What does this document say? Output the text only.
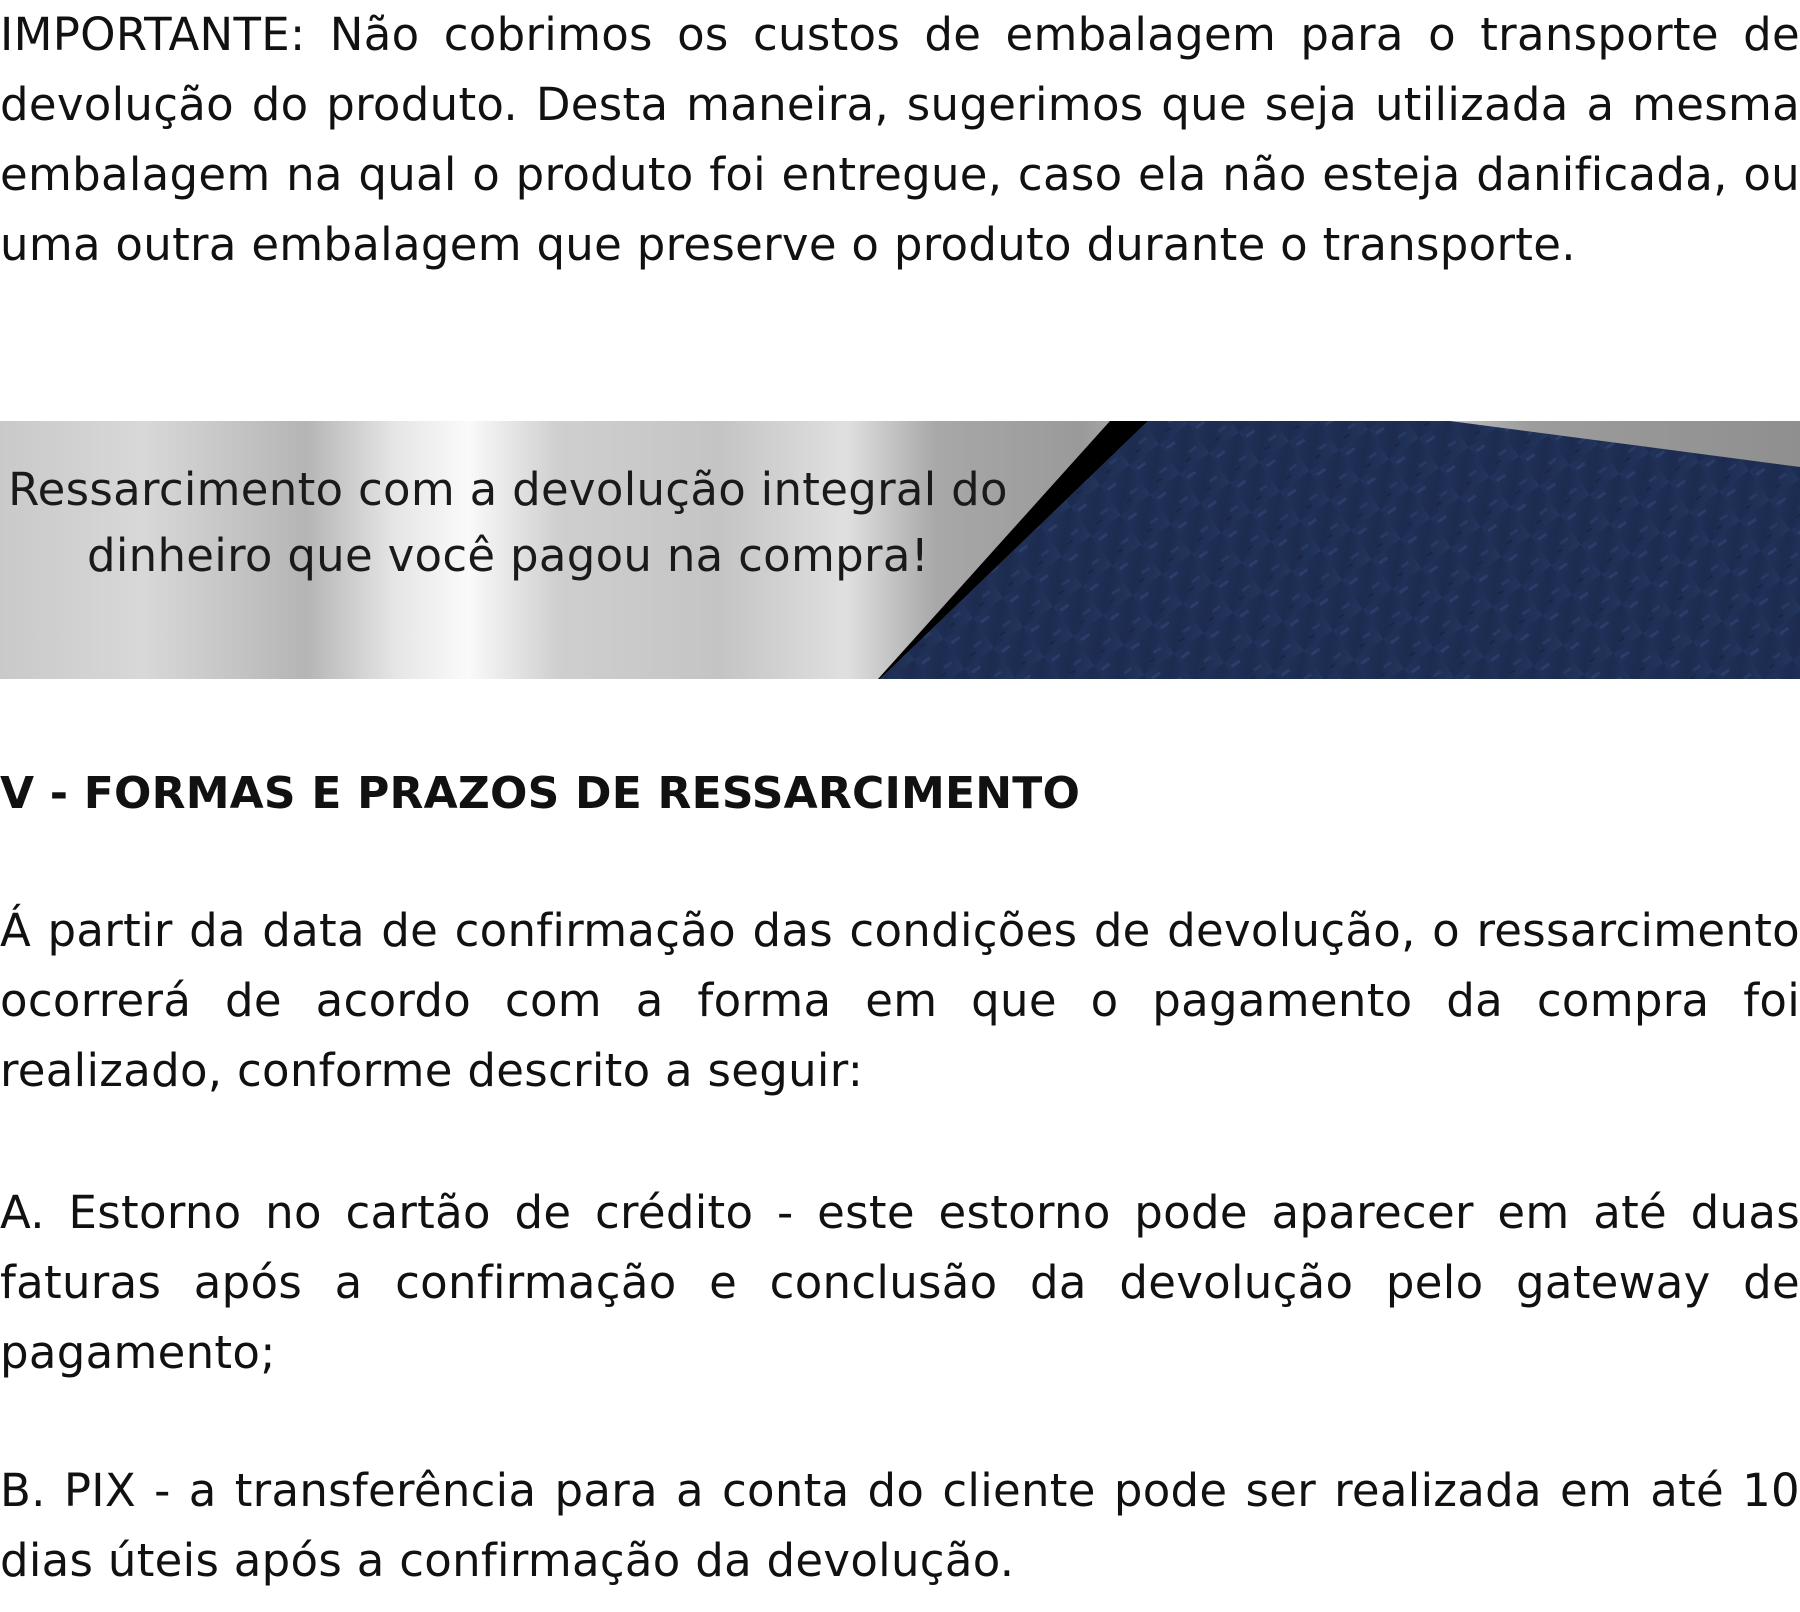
IMPORTANTE: Não cobrimos os custos de embalagem para o transporte de devolução do produto. Desta maneira, sugerimos que seja utilizada a mesma embalagem na qual o produto foi entregue, caso ela não esteja danificada, ou uma outra embalagem que preserve o produto durante o transporte.

Ressarcimento com a devolução integral do dinheiro que você pagou na compra!
V - FORMAS E PRAZOS DE RESSARCIMENTO

Á partir da data de confirmação das condições de devolução, o ressarcimento ocorrerá de acordo com a forma em que o pagamento da compra foi realizado, conforme descrito a seguir:

A. Estorno no cartão de crédito - este estorno pode aparecer em até duas faturas após a confirmação e conclusão da devolução pelo gateway de pagamento;

B. PIX - a transferência para a conta do cliente pode ser realizada em até 10 dias úteis após a confirmação da devolução.
